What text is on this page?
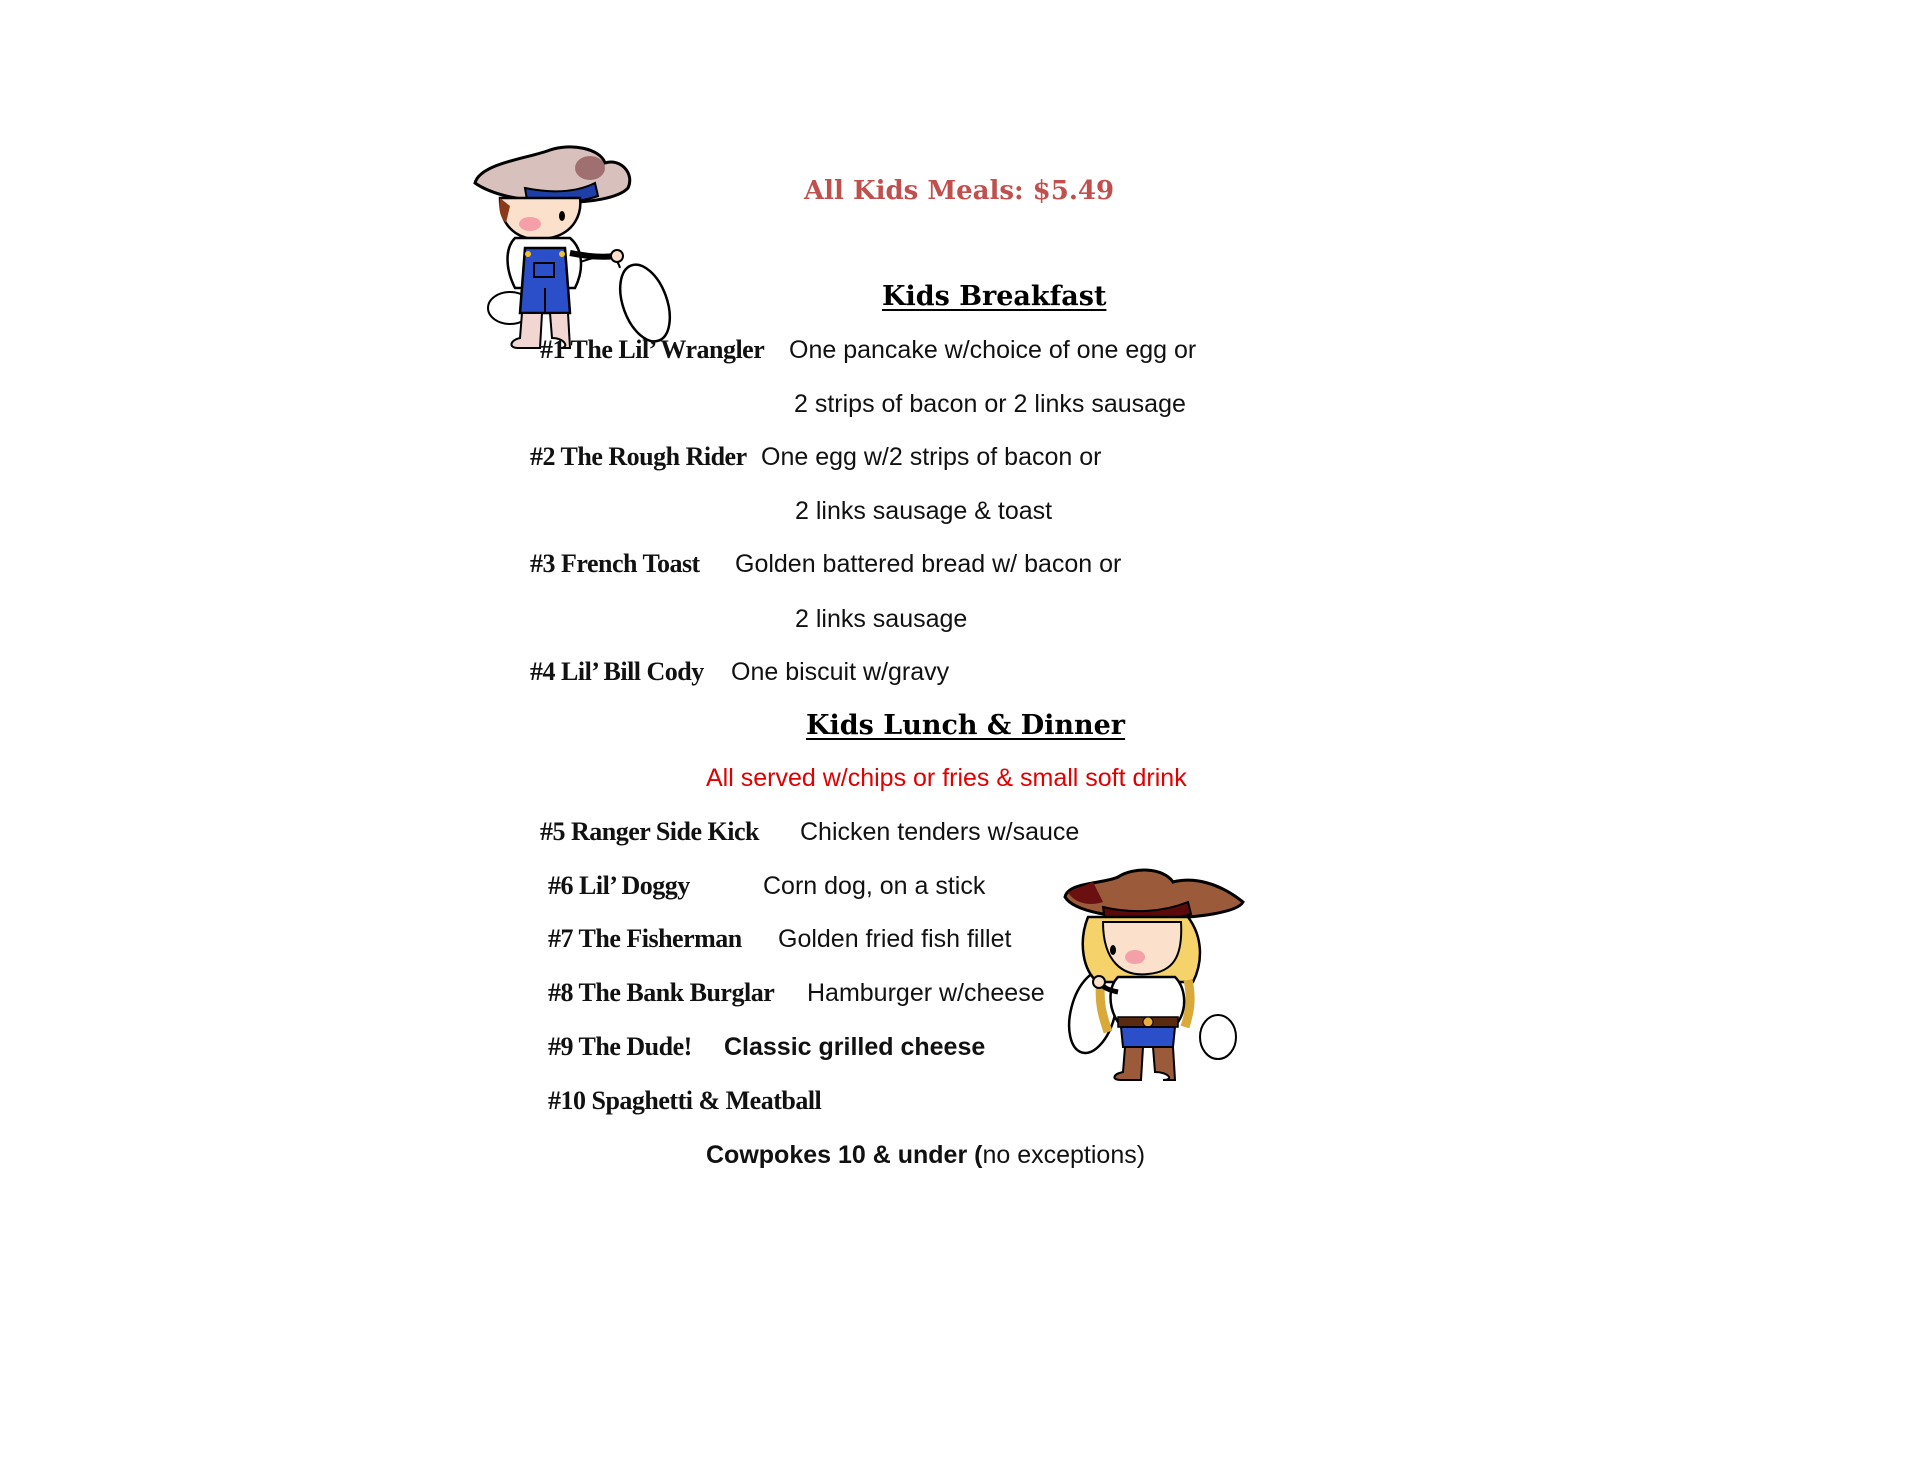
All Kids Meals: $5.49
Kids Breakfast
#1 The Lil’ Wrangler One pancake w/choice of one egg or
2 strips of bacon or 2 links sausage
#2 The Rough Rider One egg w/2 strips of bacon or
2 links sausage & toast
#3 French Toast Golden battered bread w/ bacon or
2 links sausage
#4 Lil’ Bill Cody One biscuit w/gravy
Kids Lunch & Dinner
All served w/chips or fries & small soft drink
#5 Ranger Side Kick Chicken tenders w/sauce
#6 Lil’ Doggy	Corn dog, on a stick
#7 The Fisherman Golden fried fish fillet
#8 The Bank Burglar Hamburger w/cheese
#9 The Dude! Classic grilled cheese
#10 Spaghetti & Meatball
Cowpokes 10 & under (no exceptions)
